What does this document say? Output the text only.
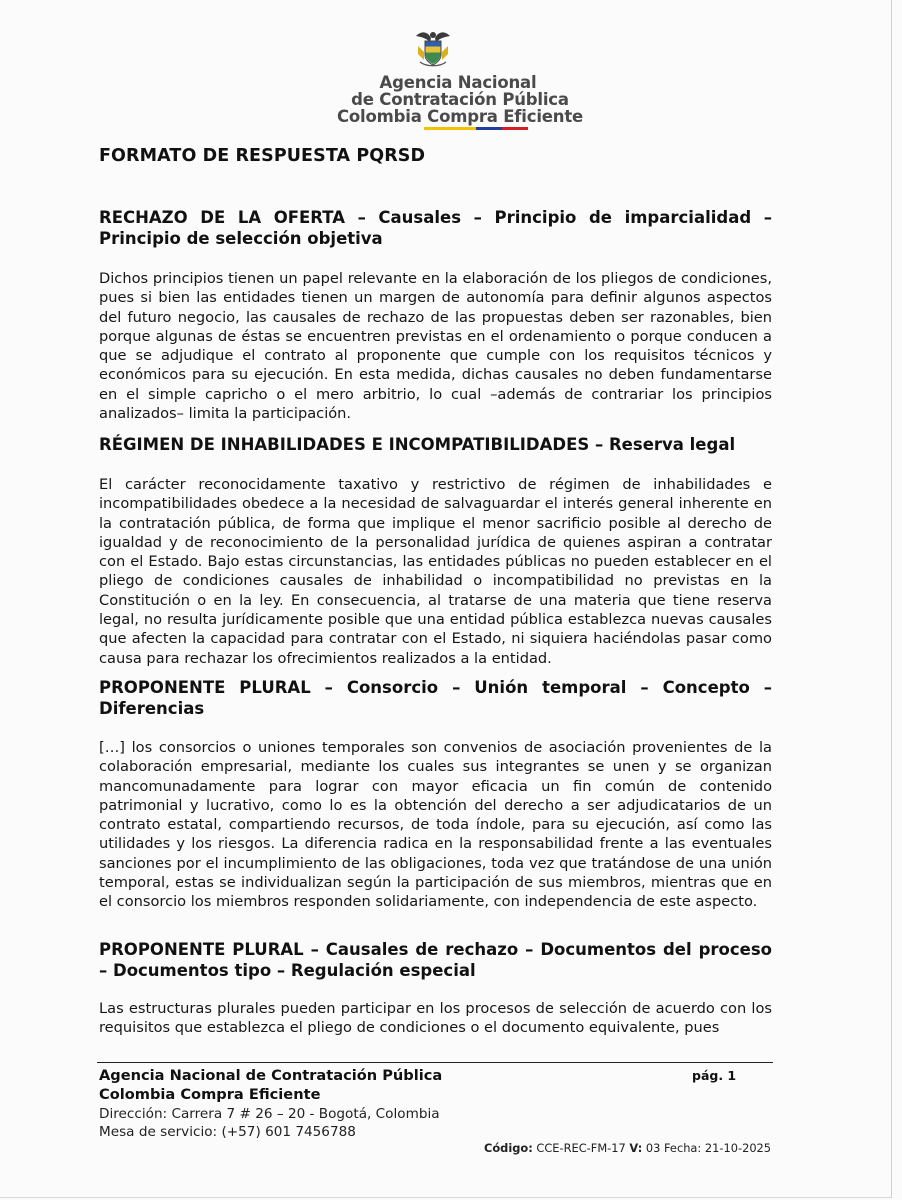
Agencia Nacional
de Contratación Pública
Colombia Compra Eficiente
FORMATO DE RESPUESTA PQRSD
RECHAZO DE LA OFERTA – Causales – Principio de imparcialidad – Principio de selección objetiva
Dichos principios tienen un papel relevante en la elaboración de los pliegos de condiciones, pues si bien las entidades tienen un margen de autonomía para definir algunos aspectos del futuro negocio, las causales de rechazo de las propuestas deben ser razonables, bien porque algunas de éstas se encuentren previstas en el ordenamiento o porque conducen a que se adjudique el contrato al proponente que cumple con los requisitos técnicos y económicos para su ejecución. En esta medida, dichas causales no deben fundamentarse en el simple capricho o el mero arbitrio, lo cual –además de contrariar los principios analizados– limita la participación.
RÉGIMEN DE INHABILIDADES E INCOMPATIBILIDADES – Reserva legal
El carácter reconocidamente taxativo y restrictivo de régimen de inhabilidades e incompatibilidades obedece a la necesidad de salvaguardar el interés general inherente en la contratación pública, de forma que implique el menor sacrificio posible al derecho de igualdad y de reconocimiento de la personalidad jurídica de quienes aspiran a contratar con el Estado. Bajo estas circunstancias, las entidades públicas no pueden establecer en el pliego de condiciones causales de inhabilidad o incompatibilidad no previstas en la Constitución o en la ley. En consecuencia, al tratarse de una materia que tiene reserva legal, no resulta jurídicamente posible que una entidad pública establezca nuevas causales que afecten la capacidad para contratar con el Estado, ni siquiera haciéndolas pasar como causa para rechazar los ofrecimientos realizados a la entidad.
PROPONENTE PLURAL – Consorcio – Unión temporal – Concepto – Diferencias
[…] los consorcios o uniones temporales son convenios de asociación provenientes de la colaboración empresarial, mediante los cuales sus integrantes se unen y se organizan mancomunadamente para lograr con mayor eficacia un fin común de contenido patrimonial y lucrativo, como lo es la obtención del derecho a ser adjudicatarios de un contrato estatal, compartiendo recursos, de toda índole, para su ejecución, así como las utilidades y los riesgos. La diferencia radica en la responsabilidad frente a las eventuales sanciones por el incumplimiento de las obligaciones, toda vez que tratándose de una unión temporal, estas se individualizan según la participación de sus miembros, mientras que en el consorcio los miembros responden solidariamente, con independencia de este aspecto.
PROPONENTE PLURAL – Causales de rechazo – Documentos del proceso – Documentos tipo – Regulación especial
Las estructuras plurales pueden participar en los procesos de selección de acuerdo con los requisitos que establezca el pliego de condiciones o el documento equivalente, pues
Agencia Nacional de Contratación Pública
Colombia Compra Eficiente
Dirección: Carrera 7 # 26 – 20 - Bogotá, Colombia
Mesa de servicio: (+57) 601 7456788
pág. 1
Código: CCE-REC-FM-17 V: 03 Fecha: 21-10-2025
